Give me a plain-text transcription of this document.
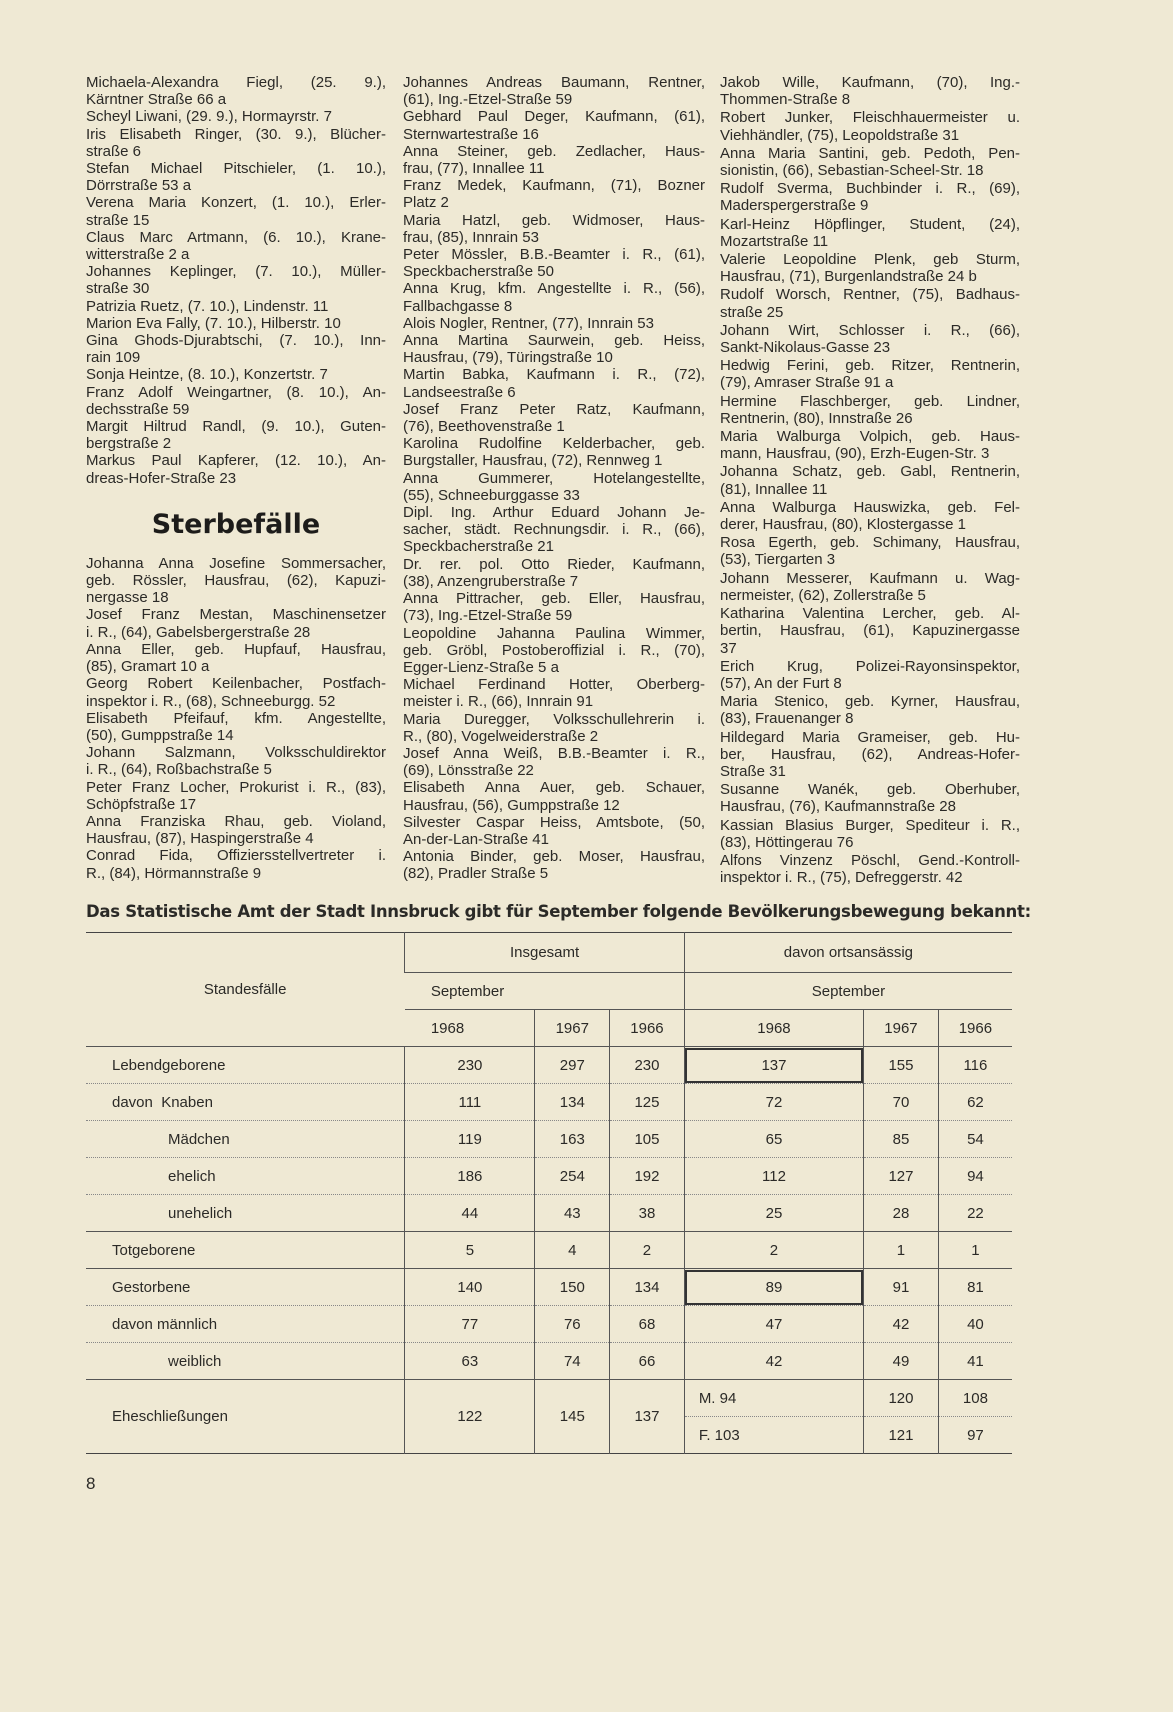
Michaela-Alexandra Fiegl, (25. 9.),
Kärntner Straße 66 a
Scheyl Liwani, (29. 9.), Hormayrstr. 7
Iris Elisabeth Ringer, (30. 9.), Blücher-
straße 6
Stefan Michael Pitschieler, (1. 10.),
Dörrstraße 53 a
Verena Maria Konzert, (1. 10.), Erler-
straße 15
Claus Marc Artmann, (6. 10.), Krane-
witterstraße 2 a
Johannes Keplinger, (7. 10.), Müller-
straße 30
Patrizia Ruetz, (7. 10.), Lindenstr. 11
Marion Eva Fally, (7. 10.), Hilberstr. 10
Gina Ghods-Djurabtschi, (7. 10.), Inn-
rain 109
Sonja Heintze, (8. 10.), Konzertstr. 7
Franz Adolf Weingartner, (8. 10.), An-
dechsstraße 59
Margit Hiltrud Randl, (9. 10.), Guten-
bergstraße 2
Markus Paul Kapferer, (12. 10.), An-
dreas-Hofer-Straße 23
Sterbefälle
Johanna Anna Josefine Sommersacher,
geb. Rössler, Hausfrau, (62), Kapuzi-
nergasse 18
Josef Franz Mestan, Maschinensetzer
i. R., (64), Gabelsbergerstraße 28
Anna Eller, geb. Hupfauf, Hausfrau,
(85), Gramart 10 a
Georg Robert Keilenbacher, Postfach-
inspektor i. R., (68), Schneeburgg. 52
Elisabeth Pfeifauf, kfm. Angestellte,
(50), Gumppstraße 14
Johann Salzmann, Volksschuldirektor
i. R., (64), Roßbachstraße 5
Peter Franz Locher, Prokurist i. R., (83),
Schöpfstraße 17
Anna Franziska Rhau, geb. Violand,
Hausfrau, (87), Haspingerstraße 4
Conrad Fida, Offiziersstellvertreter i.
R., (84), Hörmannstraße 9
Johannes Andreas Baumann, Rentner,
(61), Ing.-Etzel-Straße 59
Gebhard Paul Deger, Kaufmann, (61),
Sternwartestraße 16
Anna Steiner, geb. Zedlacher, Haus-
frau, (77), Innallee 11
Franz Medek, Kaufmann, (71), Bozner
Platz 2
Maria Hatzl, geb. Widmoser, Haus-
frau, (85), Innrain 53
Peter Mössler, B.B.-Beamter i. R., (61),
Speckbacherstraße 50
Anna Krug, kfm. Angestellte i. R., (56),
Fallbachgasse 8
Alois Nogler, Rentner, (77), Innrain 53
Anna Martina Saurwein, geb. Heiss,
Hausfrau, (79), Türingstraße 10
Martin Babka, Kaufmann i. R., (72),
Landseestraße 6
Josef Franz Peter Ratz, Kaufmann,
(76), Beethovenstraße 1
Karolina Rudolfine Kelderbacher, geb.
Burgstaller, Hausfrau, (72), Rennweg 1
Anna Gummerer, Hotelangestellte,
(55), Schneeburggasse 33
Dipl. Ing. Arthur Eduard Johann Je-
sacher, städt. Rechnungsdir. i. R., (66),
Speckbacherstraße 21
Dr. rer. pol. Otto Rieder, Kaufmann,
(38), Anzengruberstraße 7
Anna Pittracher, geb. Eller, Hausfrau,
(73), Ing.-Etzel-Straße 59
Leopoldine Jahanna Paulina Wimmer,
geb. Gröbl, Postoberoffizial i. R., (70),
Egger-Lienz-Straße 5 a
Michael Ferdinand Hotter, Oberberg-
meister i. R., (66), Innrain 91
Maria Duregger, Volksschullehrerin i.
R., (80), Vogelweiderstraße 2
Josef Anna Weiß, B.B.-Beamter i. R.,
(69), Lönsstraße 22
Elisabeth Anna Auer, geb. Schauer,
Hausfrau, (56), Gumppstraße 12
Silvester Caspar Heiss, Amtsbote, (50,
An-der-Lan-Straße 41
Antonia Binder, geb. Moser, Hausfrau,
(82), Pradler Straße 5
Jakob Wille, Kaufmann, (70), Ing.-
Thommen-Straße 8
Robert Junker, Fleischhauermeister u.
Viehhändler, (75), Leopoldstraße 31
Anna Maria Santini, geb. Pedoth, Pen-
sionistin, (66), Sebastian-Scheel-Str. 18
Rudolf Sverma, Buchbinder i. R., (69),
Maderspergerstraße 9
Karl-Heinz Höpflinger, Student, (24),
Mozartstraße 11
Valerie Leopoldine Plenk, geb Sturm,
Hausfrau, (71), Burgenlandstraße 24 b
Rudolf Worsch, Rentner, (75), Badhaus-
straße 25
Johann Wirt, Schlosser i. R., (66),
Sankt-Nikolaus-Gasse 23
Hedwig Ferini, geb. Ritzer, Rentnerin,
(79), Amraser Straße 91 a
Hermine Flaschberger, geb. Lindner,
Rentnerin, (80), Innstraße 26
Maria Walburga Volpich, geb. Haus-
mann, Hausfrau, (90), Erzh-Eugen-Str. 3
Johanna Schatz, geb. Gabl, Rentnerin,
(81), Innallee 11
Anna Walburga Hauswizka, geb. Fel-
derer, Hausfrau, (80), Klostergasse 1
Rosa Egerth, geb. Schimany, Hausfrau,
(53), Tiergarten 3
Johann Messerer, Kaufmann u. Wag-
nermeister, (62), Zollerstraße 5
Katharina Valentina Lercher, geb. Al-
bertin, Hausfrau, (61), Kapuzinergasse
37
Erich Krug, Polizei-Rayonsinspektor,
(57), An der Furt 8
Maria Stenico, geb. Kyrner, Hausfrau,
(83), Frauenanger 8
Hildegard Maria Grameiser, geb. Hu-
ber, Hausfrau, (62), Andreas-Hofer-
Straße 31
Susanne Wanék, geb. Oberhuber,
Hausfrau, (76), Kaufmannstraße 28
Kassian Blasius Burger, Spediteur i. R.,
(83), Höttingerau 76
Alfons Vinzenz Pöschl, Gend.-Kontroll-
inspektor i. R., (75), Defreggerstr. 42
Das Statistische Amt der Stadt Innsbruck gibt für September folgende Bevölkerungsbewegung bekannt:
Standesfälle	Insgesamt			davon ortsansässig		
	September			September		
	1968	1967	1966	1968	1967	1966
Lebendgeborene	230	297	230	137	155	116
davon  Knaben	111	134	125	72	70	62
Mädchen	119	163	105	65	85	54
ehelich	186	254	192	112	127	94
unehelich	44	43	38	25	28	22
Totgeborene	5	4	2	2	1	1
Gestorbene	140	150	134	89	91	81
davon männlich	77	76	68	47	42	40
weiblich	63	74	66	42	49	41
Eheschließungen	122	145	137	M. 94	120	108
				F. 103	121	97
8
